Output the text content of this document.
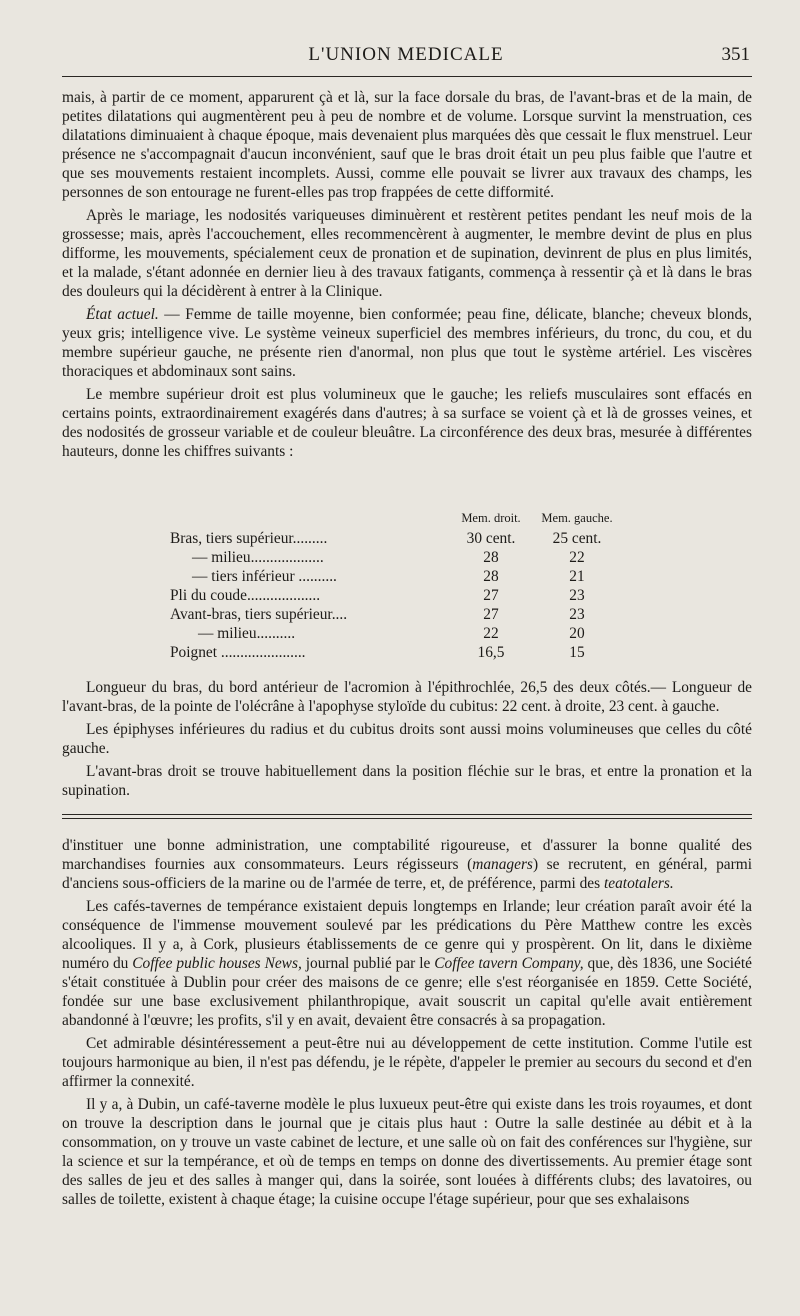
L'UNION MEDICALE	351

mais, à partir de ce moment, apparurent çà et là, sur la face dorsale du bras, de l'avant-bras et de la main, de petites dilatations qui augmentèrent peu à peu de nombre et de volume. Lorsque survint la menstruation, ces dilatations diminuaient à chaque époque, mais devenaient plus marquées dès que cessait le flux menstruel. Leur présence ne s'accompagnait d'aucun inconvénient, sauf que le bras droit était un peu plus faible que l'autre et que ses mouvements restaient incomplets. Aussi, comme elle pouvait se livrer aux travaux des champs, les personnes de son entourage ne furent-elles pas trop frappées de cette difformité.

Après le mariage, les nodosités variqueuses diminuèrent et restèrent petites pendant les neuf mois de la grossesse; mais, après l'accouchement, elles recommencèrent à augmenter, le membre devint de plus en plus difforme, les mouvements, spécialement ceux de pronation et de supination, devinrent de plus en plus limités, et la malade, s'étant adonnée en dernier lieu à des travaux fatigants, commença à ressentir çà et là dans le bras des douleurs qui la décidèrent à entrer à la Clinique.

État actuel. — Femme de taille moyenne, bien conformée; peau fine, délicate, blanche; cheveux blonds, yeux gris; intelligence vive. Le système veineux superficiel des membres inférieurs, du tronc, du cou, et du membre supérieur gauche, ne présente rien d'anormal, non plus que tout le système artériel. Les viscères thoraciques et abdominaux sont sains.

Le membre supérieur droit est plus volumineux que le gauche; les reliefs musculaires sont effacés en certains points, extraordinairement exagérés dans d'autres; à sa surface se voient çà et là de grosses veines, et des nodosités de grosseur variable et de couleur bleuâtre. La circonférence des deux bras, mesurée à différentes hauteurs, donne les chiffres suivants :

	Mem. droit.	Mem. gauche.
Bras, tiers supérieur.........	30 cent.	25 cent.
— milieu...................	28	22
— tiers inférieur ..........	28	21
Pli du coude...................	27	23
Avant-bras, tiers supérieur....	27	23
— milieu..........	22	20
Poignet ......................	16,5	15

Longueur du bras, du bord antérieur de l'acromion à l'épithrochlée, 26,5 des deux côtés.— Longueur de l'avant-bras, de la pointe de l'olécrâne à l'apophyse styloïde du cubitus: 22 cent. à droite, 23 cent. à gauche.

Les épiphyses inférieures du radius et du cubitus droits sont aussi moins volumineuses que celles du côté gauche.

L'avant-bras droit se trouve habituellement dans la position fléchie sur le bras, et entre la pronation et la supination.

d'instituer une bonne administration, une comptabilité rigoureuse, et d'assurer la bonne qualité des marchandises fournies aux consommateurs. Leurs régisseurs (managers) se recrutent, en général, parmi d'anciens sous-officiers de la marine ou de l'armée de terre, et, de préférence, parmi des teatotalers.

Les cafés-tavernes de tempérance existaient depuis longtemps en Irlande; leur création paraît avoir été la conséquence de l'immense mouvement soulevé par les prédications du Père Matthew contre les excès alcooliques. Il y a, à Cork, plusieurs établissements de ce genre qui y prospèrent. On lit, dans le dixième numéro du Coffee public houses News, journal publié par le Coffee tavern Company, que, dès 1836, une Société s'était constituée à Dublin pour créer des maisons de ce genre; elle s'est réorganisée en 1859. Cette Société, fondée sur une base exclusivement philanthropique, avait souscrit un capital qu'elle avait entièrement abandonné à l'œuvre; les profits, s'il y en avait, devaient être consacrés à sa propagation.

Cet admirable désintéressement a peut-être nui au développement de cette institution. Comme l'utile est toujours harmonique au bien, il n'est pas défendu, je le répète, d'appeler le premier au secours du second et d'en affirmer la connexité.

Il y a, à Dubin, un café-taverne modèle le plus luxueux peut-être qui existe dans les trois royaumes, et dont on trouve la description dans le journal que je citais plus haut : Outre la salle destinée au débit et à la consommation, on y trouve un vaste cabinet de lecture, et une salle où on fait des conférences sur l'hygiène, sur la science et sur la tempérance, et où de temps en temps on donne des divertissements. Au premier étage sont des salles de jeu et des salles à manger qui, dans la soirée, sont louées à différents clubs; des lavatoires, ou salles de toilette, existent à chaque étage; la cuisine occupe l'étage supérieur, pour que ses exhalaisons
